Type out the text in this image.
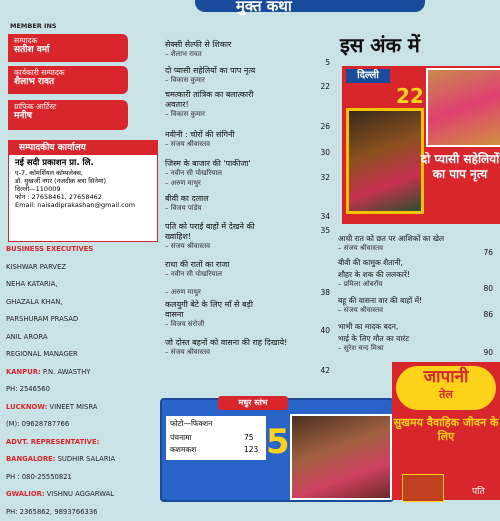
मुक्त कथा
MEMBER INS
सम्पादक
सतीश वर्मा
कार्यकारी सम्पादक
शैलाभ रावत
ग्राफिक आर्टिस्ट
मनीष
सम्पादकीय कार्यालय
नई सदी प्रकाशन प्रा. लि.
ए-7, कॉमर्शियल कॉम्पलेक्स,
डॉ. मुखर्जी नगर (नजदीक बत्रा सिनेमा)
दिल्ली—110009
फोन : 27658461, 27658462
Email: naisadiprakashan@gmail.com
BUSINESS EXECUTIVES
KISHWAR PARVEZ
NEHA KATARIA,
GHAZALA KHAN,
PARSHURAM PRASAD
ANIL ARORA
REGIONAL MANAGER
KANPUR: P.N. AWASTHY
PH: 2546560
LUCKNOW: VINEET MISRA
(M): 09628787766
ADVT. REPRESENTATIVE:
BANGALORE: SUDHIR SALARIA
PH : 080-25550821
GWALIOR: VISHNU AGGARWAL
PH: 2365862, 9893766336
सेक्सी सेल्फी से शिकार
– शैलाभ रावत
5
दो प्यासी सहेलियों का पाप नृत्य
– विकास कुमार
22
चमत्कारी तांत्रिक का बलात्कारी अवतार!
– विकास कुमार
26
नवीनी : चोरों की संगिनी
– संजय श्रीवास्तव
30
जिस्म के बाजार की 'पाकीजा'
– नवीन सी पोखरियाल
– अरुण माथुर
32
बीवी का दलाल
– विजय पांडेय
34
पति को पराई बाहों में देखने की ख्वाहिश!
– संजय श्रीवास्तव
35
राधा की रातों का राजा
– नवीन सी पोखरियाल
– अरुण माथुर	38
कलयुगी बेटे के लिए माँ से बड़ी वासना
– विजय संरोजी
40
जो दोस्त बहनों को वासना की राह दिखाये!
– संजय श्रीवास्तव
42
इस अंक में
दिल्ली
22
दो प्यासी सहेलियों का पाप नृत्य
आधी रात को छत पर आशिकों का खेल
– संजय श्रीवास्तव	76
बीवी की कामुक शैतानी,
शौहर के शक की ललकारें!
– प्रमिला ओबरॉय	80
बहू की वासना वार की बाहों में!
– संजय श्रीवास्तव	86
भाभी का मादक बदन,
भाई के लिए मौत का वारंट
– सुरेश चन्द मिश्रा	90
मधुर स्तंभ
फोटो—फिक्शन
पंचनामा	75
कशमकश	123 5
जापानी
तेल
सुखमय वैवाहिक जीवन के लिए
पति
